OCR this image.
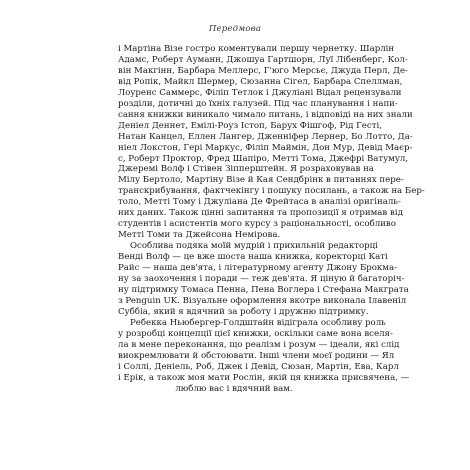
Передмова

і Мартіна Візе гостро коментували першу чернетку. Шарлін
Адамс, Роберт Ауманн, Джошуа Гартшорн, Луї Лібенберг, Кол-
він Макгінн, Барбара Меллерс, Г'юго Мерсьє, Джуда Перл, Де-
від Ропік, Майкл Шермер, Сюзанна Сігел, Барбара Спеллман,
Лоуренс Саммерс, Філіп Тетлок і Джуліані Відал рецензували
розділи, дотичні до їхніх галузей. Під час планування і напи-
сання книжки виникало чимало питань, і відповіді на них знали
Деніел Деннет, Емілі-Роуз Істоп, Барух Фішгоф, Рід Гесті,
Натан Канцел, Еллен Лангер, Дженніфер Лернер, Бо Лотто, Да-
ніел Локстон, Гері Маркус, Філіп Маймін, Дон Мур, Девід Маєр-
с, Роберт Проктор, Фред Шапіро, Метті Тома, Джефрі Ватумул,
Джеремі Волф і Стівен Зіпперштейн. Я розраховував на
Мілу Бертоло, Мартіну Візе й Кая Сендбрінк в питаннях пере-
транскрибування, фактчекінгу і пошуку посилань, а також на Бер-
толо, Метті Тому і Джуліана Де Фрейтаса в аналізі оригіналь-
них даних. Також цінні запитання та пропозиції я отримав від
студентів і асистентів мого курсу з раціональності, особливо
Метті Томи та Джейсона Немірова.

Особлива подяка моїй мудрій і прихильній редакторці
Венді Волф — це вже шоста наша книжка, коректорці Каті
Райс — наша дев'ята, і літературному агенту Джону Брокма-
ну за заохочення і поради — теж дев'ята. Я ціную й багаторіч-
ну підтримку Томаса Пенна, Пена Воглера і Стефана Макграта
з Penguin UK. Візуальне оформлення вкотре виконала Ілавеніл
Суббіа, який я вдячний за роботу і дружню підтримку.

Ребекка Ньюбергер-Голдштайн відіграла особливу роль
у розробці концепції цієї книжки, оскільки саме вона вселя-
ла в мене переконання, що реалізм і розум — ідеали, які слід
виокремлювати й обстоювати. Інші члени моєї родини — Ял
і Соллі, Деніель, Роб, Джек і Девід, Сюзан, Мартін, Ева, Карл
і Ерік, а також моя мати Рослін, якій ця книжка присвячена, —
люблю вас і вдячний вам.
